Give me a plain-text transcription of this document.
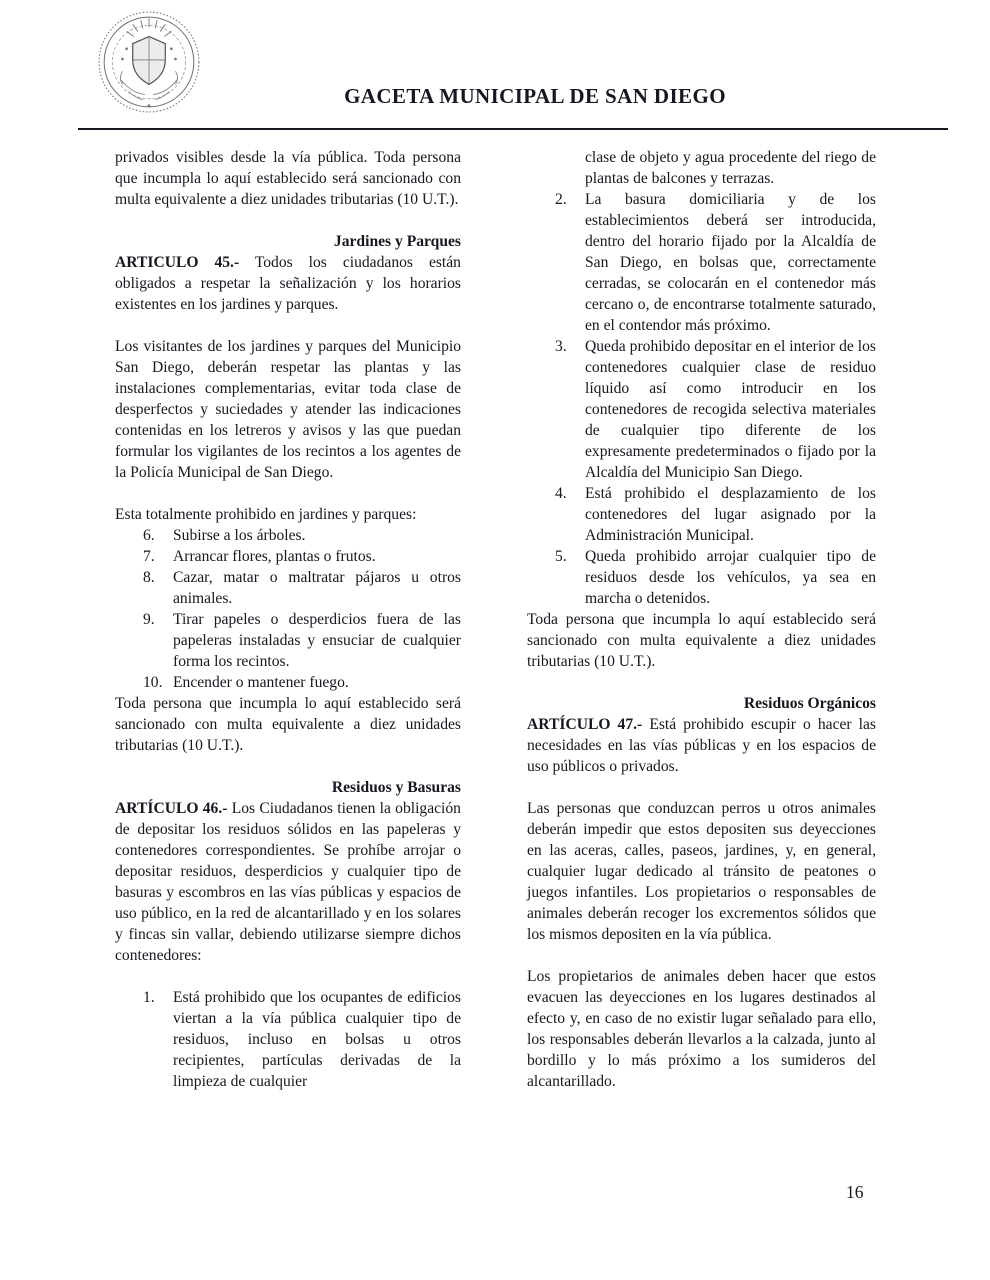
GACETA MUNICIPAL DE SAN DIEGO

privados visibles desde la vía pública. Toda persona que incumpla lo aquí establecido será sancionado con multa equivalente a diez unidades tributarias (10 U.T.).

Jardines y Parques

ARTICULO 45.- Todos los ciudadanos están obligados a respetar la señalización y los horarios existentes en los jardines y parques.

Los visitantes de los jardines y parques del Municipio San Diego, deberán respetar las plantas y las instalaciones complementarias, evitar toda clase de desperfectos y suciedades y atender las indicaciones contenidas en los letreros y avisos y las que puedan formular los vigilantes de los recintos a los agentes de la Policía Municipal de San Diego.

Esta totalmente prohibido en jardines y parques:

6.	Subirse a los árboles.
7.	Arrancar flores, plantas o frutos.
8.	Cazar, matar o maltratar pájaros u otros animales.
9.	Tirar papeles o desperdicios fuera de las papeleras instaladas y ensuciar de cualquier forma los recintos.
10. Encender o mantener fuego.

Toda persona que incumpla lo aquí establecido será sancionado con multa equivalente a diez unidades tributarias (10 U.T.).

Residuos y Basuras

ARTÍCULO 46.- Los Ciudadanos tienen la obligación de depositar los residuos sólidos en las papeleras y contenedores correspondientes. Se prohíbe arrojar o depositar residuos, desperdicios y cualquier tipo de basuras y escombros en las vías públicas y espacios de uso público, en la red de alcantarillado y en los solares y fincas sin vallar, debiendo utilizarse siempre dichos contenedores:

1.	Está prohibido que los ocupantes de edificios viertan a la vía pública cualquier tipo de residuos, incluso en bolsas u otros recipientes, partículas derivadas de la limpieza de cualquier

clase de objeto y agua procedente del riego de plantas de balcones y terrazas.

2.	La basura domiciliaria y de los establecimientos deberá ser introducida, dentro del horario fijado por la Alcaldía de San Diego, en bolsas que, correctamente cerradas, se colocarán en el contenedor más cercano o, de encontrarse totalmente saturado, en el contendor más próximo.
3.	Queda prohibido depositar en el interior de los contenedores cualquier clase de residuo líquido así como introducir en los contenedores de recogida selectiva materiales de cualquier tipo diferente de los expresamente predeterminados o fijado por la Alcaldía del Municipio San Diego.
4.	Está prohibido el desplazamiento de los contenedores del lugar asignado por la Administración Municipal.
5.	Queda prohibido arrojar cualquier tipo de residuos desde los vehículos, ya sea en marcha o detenidos.

Toda persona que incumpla lo aquí establecido será sancionado con multa equivalente a diez unidades tributarias (10 U.T.).

Residuos Orgánicos

ARTÍCULO 47.- Está prohibido escupir o hacer las necesidades en las vías públicas y en los espacios de uso públicos o privados.

Las personas que conduzcan perros u otros animales deberán impedir que estos depositen sus deyecciones en las aceras, calles, paseos, jardines, y, en general, cualquier lugar dedicado al tránsito de peatones o juegos infantiles. Los propietarios o responsables de animales deberán recoger los excrementos sólidos que los mismos depositen en la vía pública.

Los propietarios de animales deben hacer que estos evacuen las deyecciones en los lugares destinados al efecto y, en caso de no existir lugar señalado para ello, los responsables deberán llevarlos a la calzada, junto al bordillo y lo más próximo a los sumideros del alcantarillado.

16
